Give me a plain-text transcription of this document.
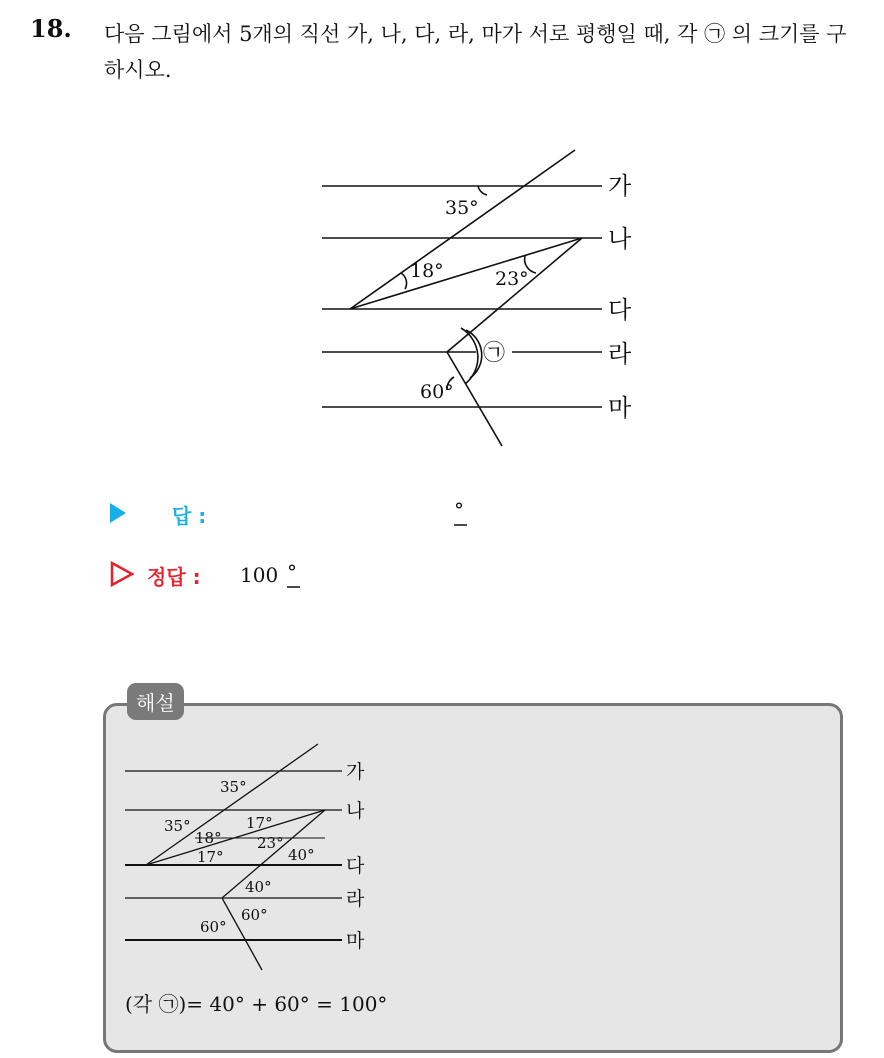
18. 다음 그림에서 5개의 직선 가, 나, 다, 라, 마가 서로 평행일 때, 각 ㉠ 의 크기를 구하시오.
35°
18°	23°
60°
㉠
가
나
다
라
마
답 :	°
정답 : 100 °
해설
35°
35°
18°
17°
17°
23°
40°
40°
60°
60°
가
나
다
라
마
(각 ㉠)= 40° + 60° = 100°
